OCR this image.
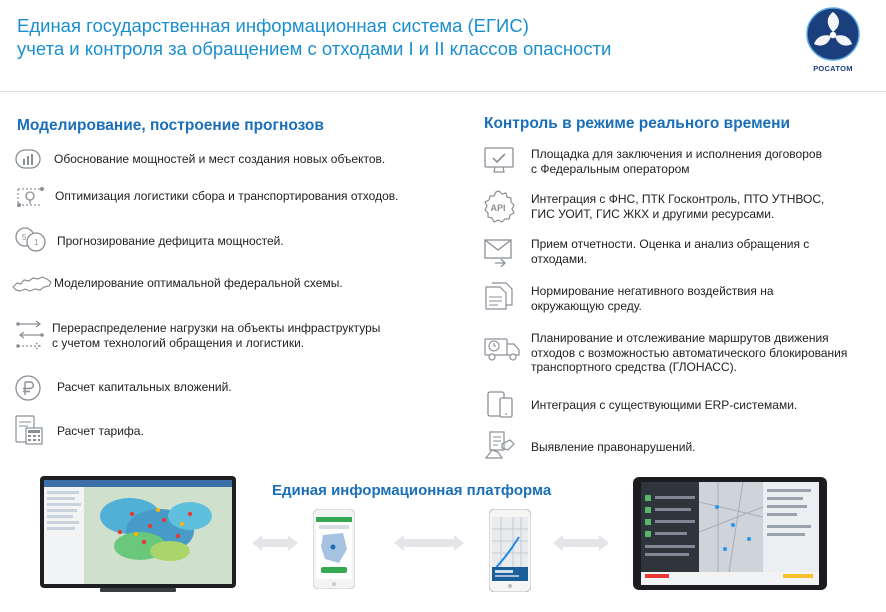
Единая государственная информационная система (ЕГИС)
учета и контроля за обращением с отходами I и II классов опасности
РОСАТОМ
Моделирование, построение прогнозов
Обоснование мощностей и мест создания новых объектов.
Оптимизация логистики сбора и транспортирования отходов.
5
1 Прогнозирование дефицита мощностей.
Моделирование оптимальной федеральной схемы.
Перераспределение нагрузки на объекты инфраструктуры
с учетом технологий обращения и логистики.
Расчет капитальных вложений.
Расчет тарифа.
Контроль в режиме реального времени
Площадка для заключения и исполнения договоров
с Федеральным оператором
API
Интеграция с ФНС, ПТК Госконтроль, ПТО УТНВОС,
ГИС УОИТ, ГИС ЖКХ и другими ресурсами.
Прием отчетности. Оценка и анализ обращения с
отходами.
Нормирование негативного воздействия на
окружающую среду.
Планирование и отслеживание маршрутов движения
отходов с возможностью автоматического блокирования
транспортного средства (ГЛОНАСС).
Интеграция с существующими ERP-системами.
Выявление правонарушений.
Единая информационная платформа
